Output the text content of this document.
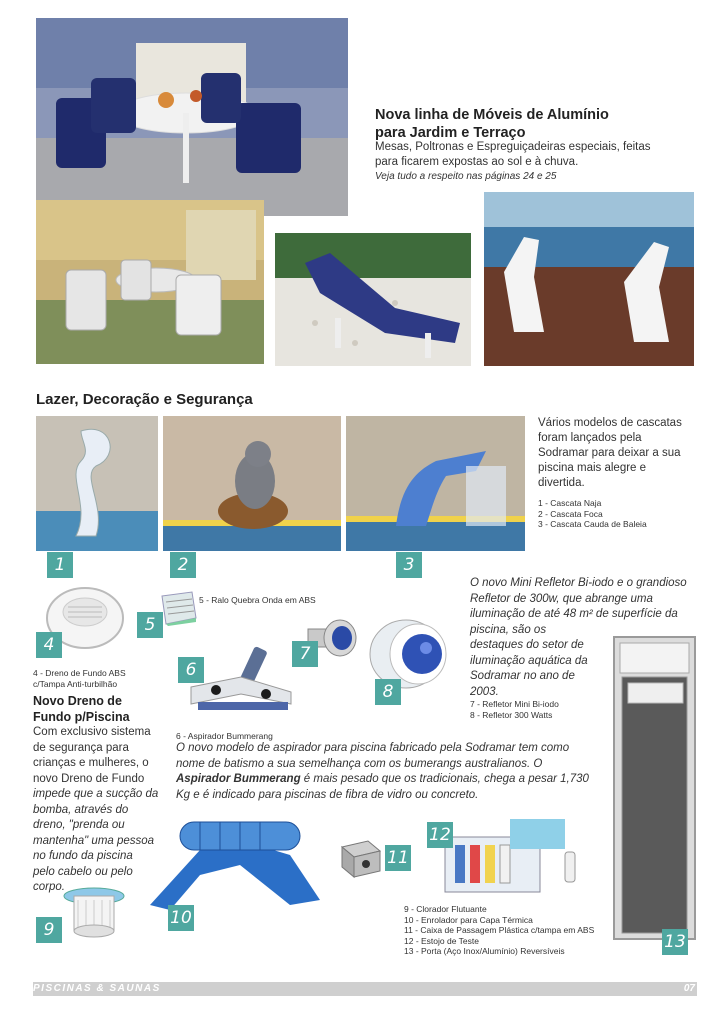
Nova linha de Móveis de Alumínio
para Jardim e Terraço
Mesas, Poltronas e Espreguiçadeiras especiais, feitas
para ficarem expostas ao sol e à chuva.
Veja tudo a respeito nas páginas 24 e 25
Lazer, Decoração e Segurança
Vários modelos de cascatas
foram lançados pela
Sodramar para deixar a sua
piscina mais alegre e
divertida.
1 - Cascata Naja
2 - Cascata Foca
3 - Cascata Cauda de Baleia
1	2	3
4
4 - Dreno de Fundo ABS
c/Tampa Anti-turbilhão
5 - Ralo Quebra Onda em ABS
5
6
7
8
O novo Mini Refletor Bi-iodo e o grandioso
Refletor de 300w, que abrange uma
iluminação de até 48 m² de superfície da
piscina, são os
destaques do setor de
iluminação aquática da
Sodramar no ano de
2003.
7 - Refletor Mini Bi-iodo
8 - Refletor 300 Watts
Novo Dreno de
Fundo p/Piscina
Com exclusivo sistema
de segurança para
crianças e mulheres, o
novo Dreno de Fundo
impede que a sucção da
bomba, através do
dreno, "prenda ou
mantenha" uma pessoa
no fundo da piscina
pelo cabelo ou pelo
corpo.
6 - Aspirador Bummerang
O novo modelo de aspirador para piscina fabricado pela Sodramar tem como
nome de batismo a sua semelhança com os bumerangs australianos. O
Aspirador Bummerang é mais pesado que os tradicionais, chega a pesar 1,730
Kg e é indicado para piscinas de fibra de vidro ou concreto.
12
10
11
9
9 - Clorador Flutuante
10 - Enrolador para Capa Térmica
11 - Caixa de Passagem Plástica c/tampa em ABS
12 - Estojo de Teste
13 - Porta (Aço Inox/Alumínio) Reversíveis	13
PISCINAS & SAUNAS	07
